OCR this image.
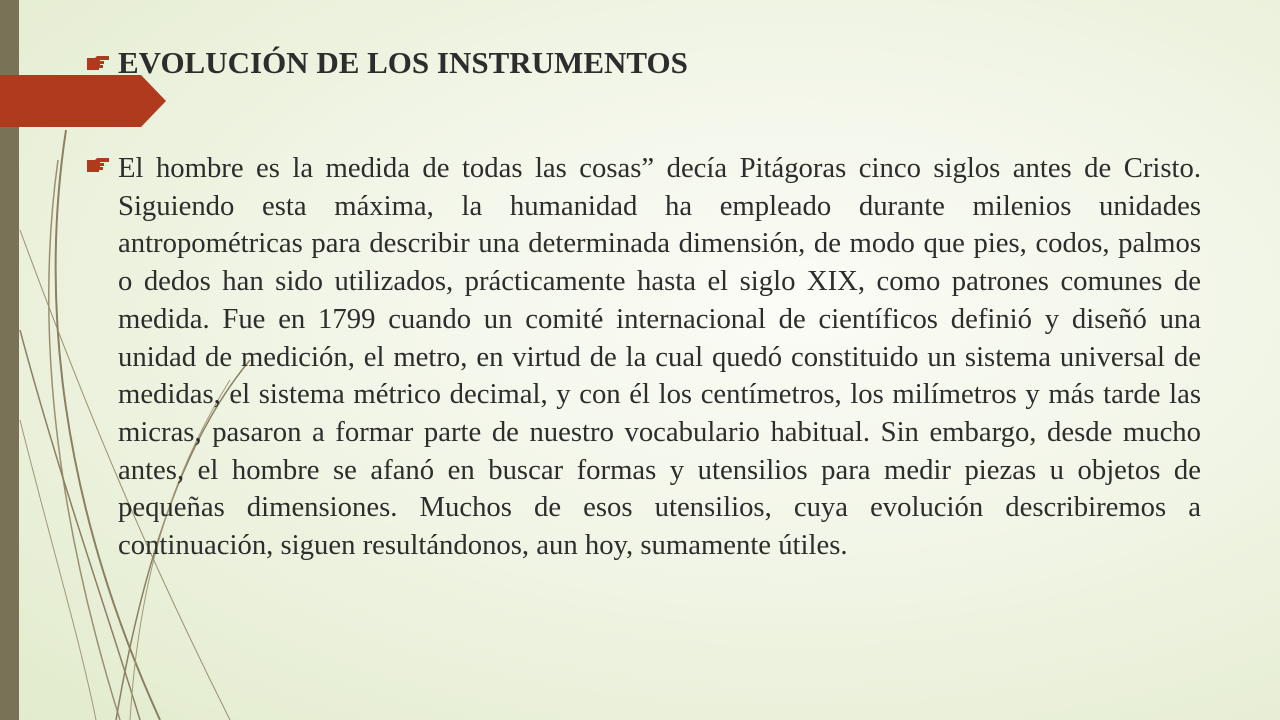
EVOLUCIÓN DE LOS INSTRUMENTOS

El hombre es la medida de todas las cosas” decía Pitágoras cinco siglos antes de Cristo. Siguiendo esta máxima, la humanidad ha empleado durante milenios unidades antropométricas para describir una determinada dimensión, de modo que pies, codos, palmos o dedos han sido utilizados, prácticamente hasta el siglo XIX, como patrones comunes de medida. Fue en 1799 cuando un comité internacional de científicos definió y diseñó una unidad de medición, el metro, en virtud de la cual quedó constituido un sistema universal de medidas, el sistema métrico decimal, y con él los centímetros, los milímetros y más tarde las micras, pasaron a formar parte de nuestro vocabulario habitual. Sin embargo, desde mucho antes, el hombre se afanó en buscar formas y utensilios para medir piezas u objetos de pequeñas dimensiones. Muchos de esos utensilios, cuya evolución describiremos a continuación, siguen resultándonos, aun hoy, sumamente útiles.
